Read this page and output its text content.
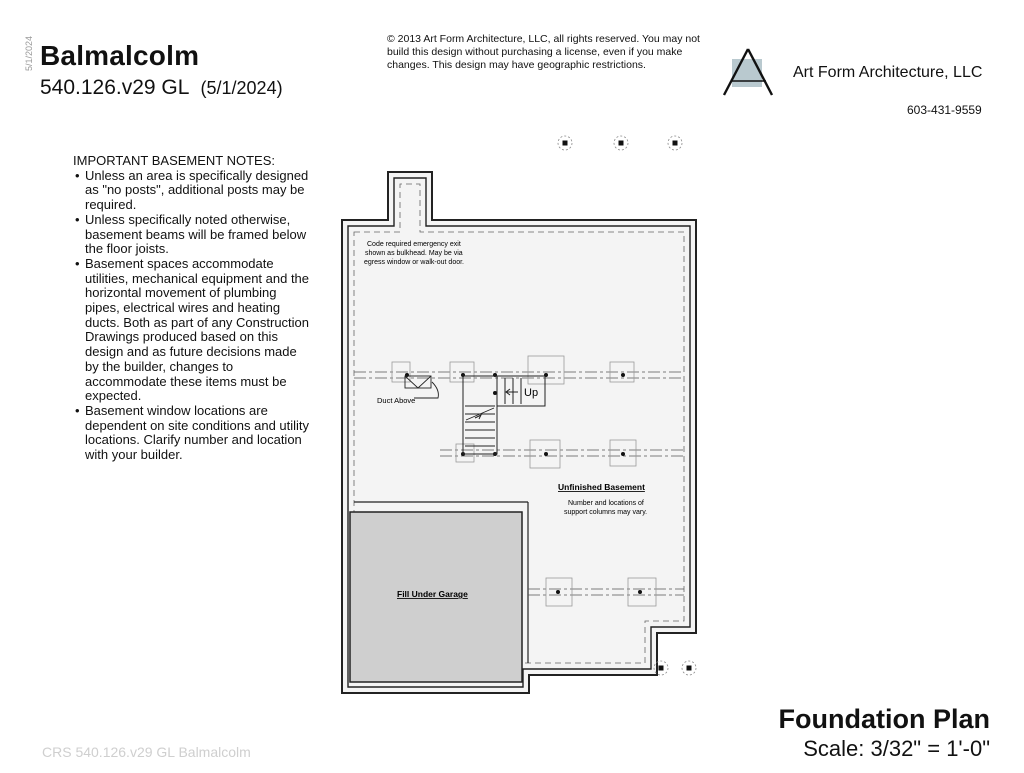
5/1/2024 Balmalcolm
540.126.v29 GL (5/1/2024)
© 2013 Art Form Architecture, LLC, all rights reserved. You may not build this design without purchasing a license, even if you make changes. This design may have geographic restrictions.	Art Form Architecture, LLC
603-431-9559
IMPORTANT BASEMENT NOTES:
• Unless an area is specifically designed as "no posts", additional posts may be required.
• Unless specifically noted otherwise, basement beams will be framed below the floor joists.
• Basement spaces accommodate utilities, mechanical equipment and the horizontal movement of plumbing pipes, electrical wires and heating ducts. Both as part of any Construction Drawings produced based on this design and as future decisions made by the builder, changes to accommodate these items must be expected.
• Basement window locations are dependent on site conditions and utility locations. Clarify number and location with your builder.
Up
Duct Above
Code required emergency exit
shown as bulkhead. May be via
egress window or walk-out door.
Unfinished Basement
Number and locations of
support columns may vary.
Fill Under Garage
Foundation Plan
Scale: 3/32" = 1'-0"
CRS 540.126.v29 GL Balmalcolm
